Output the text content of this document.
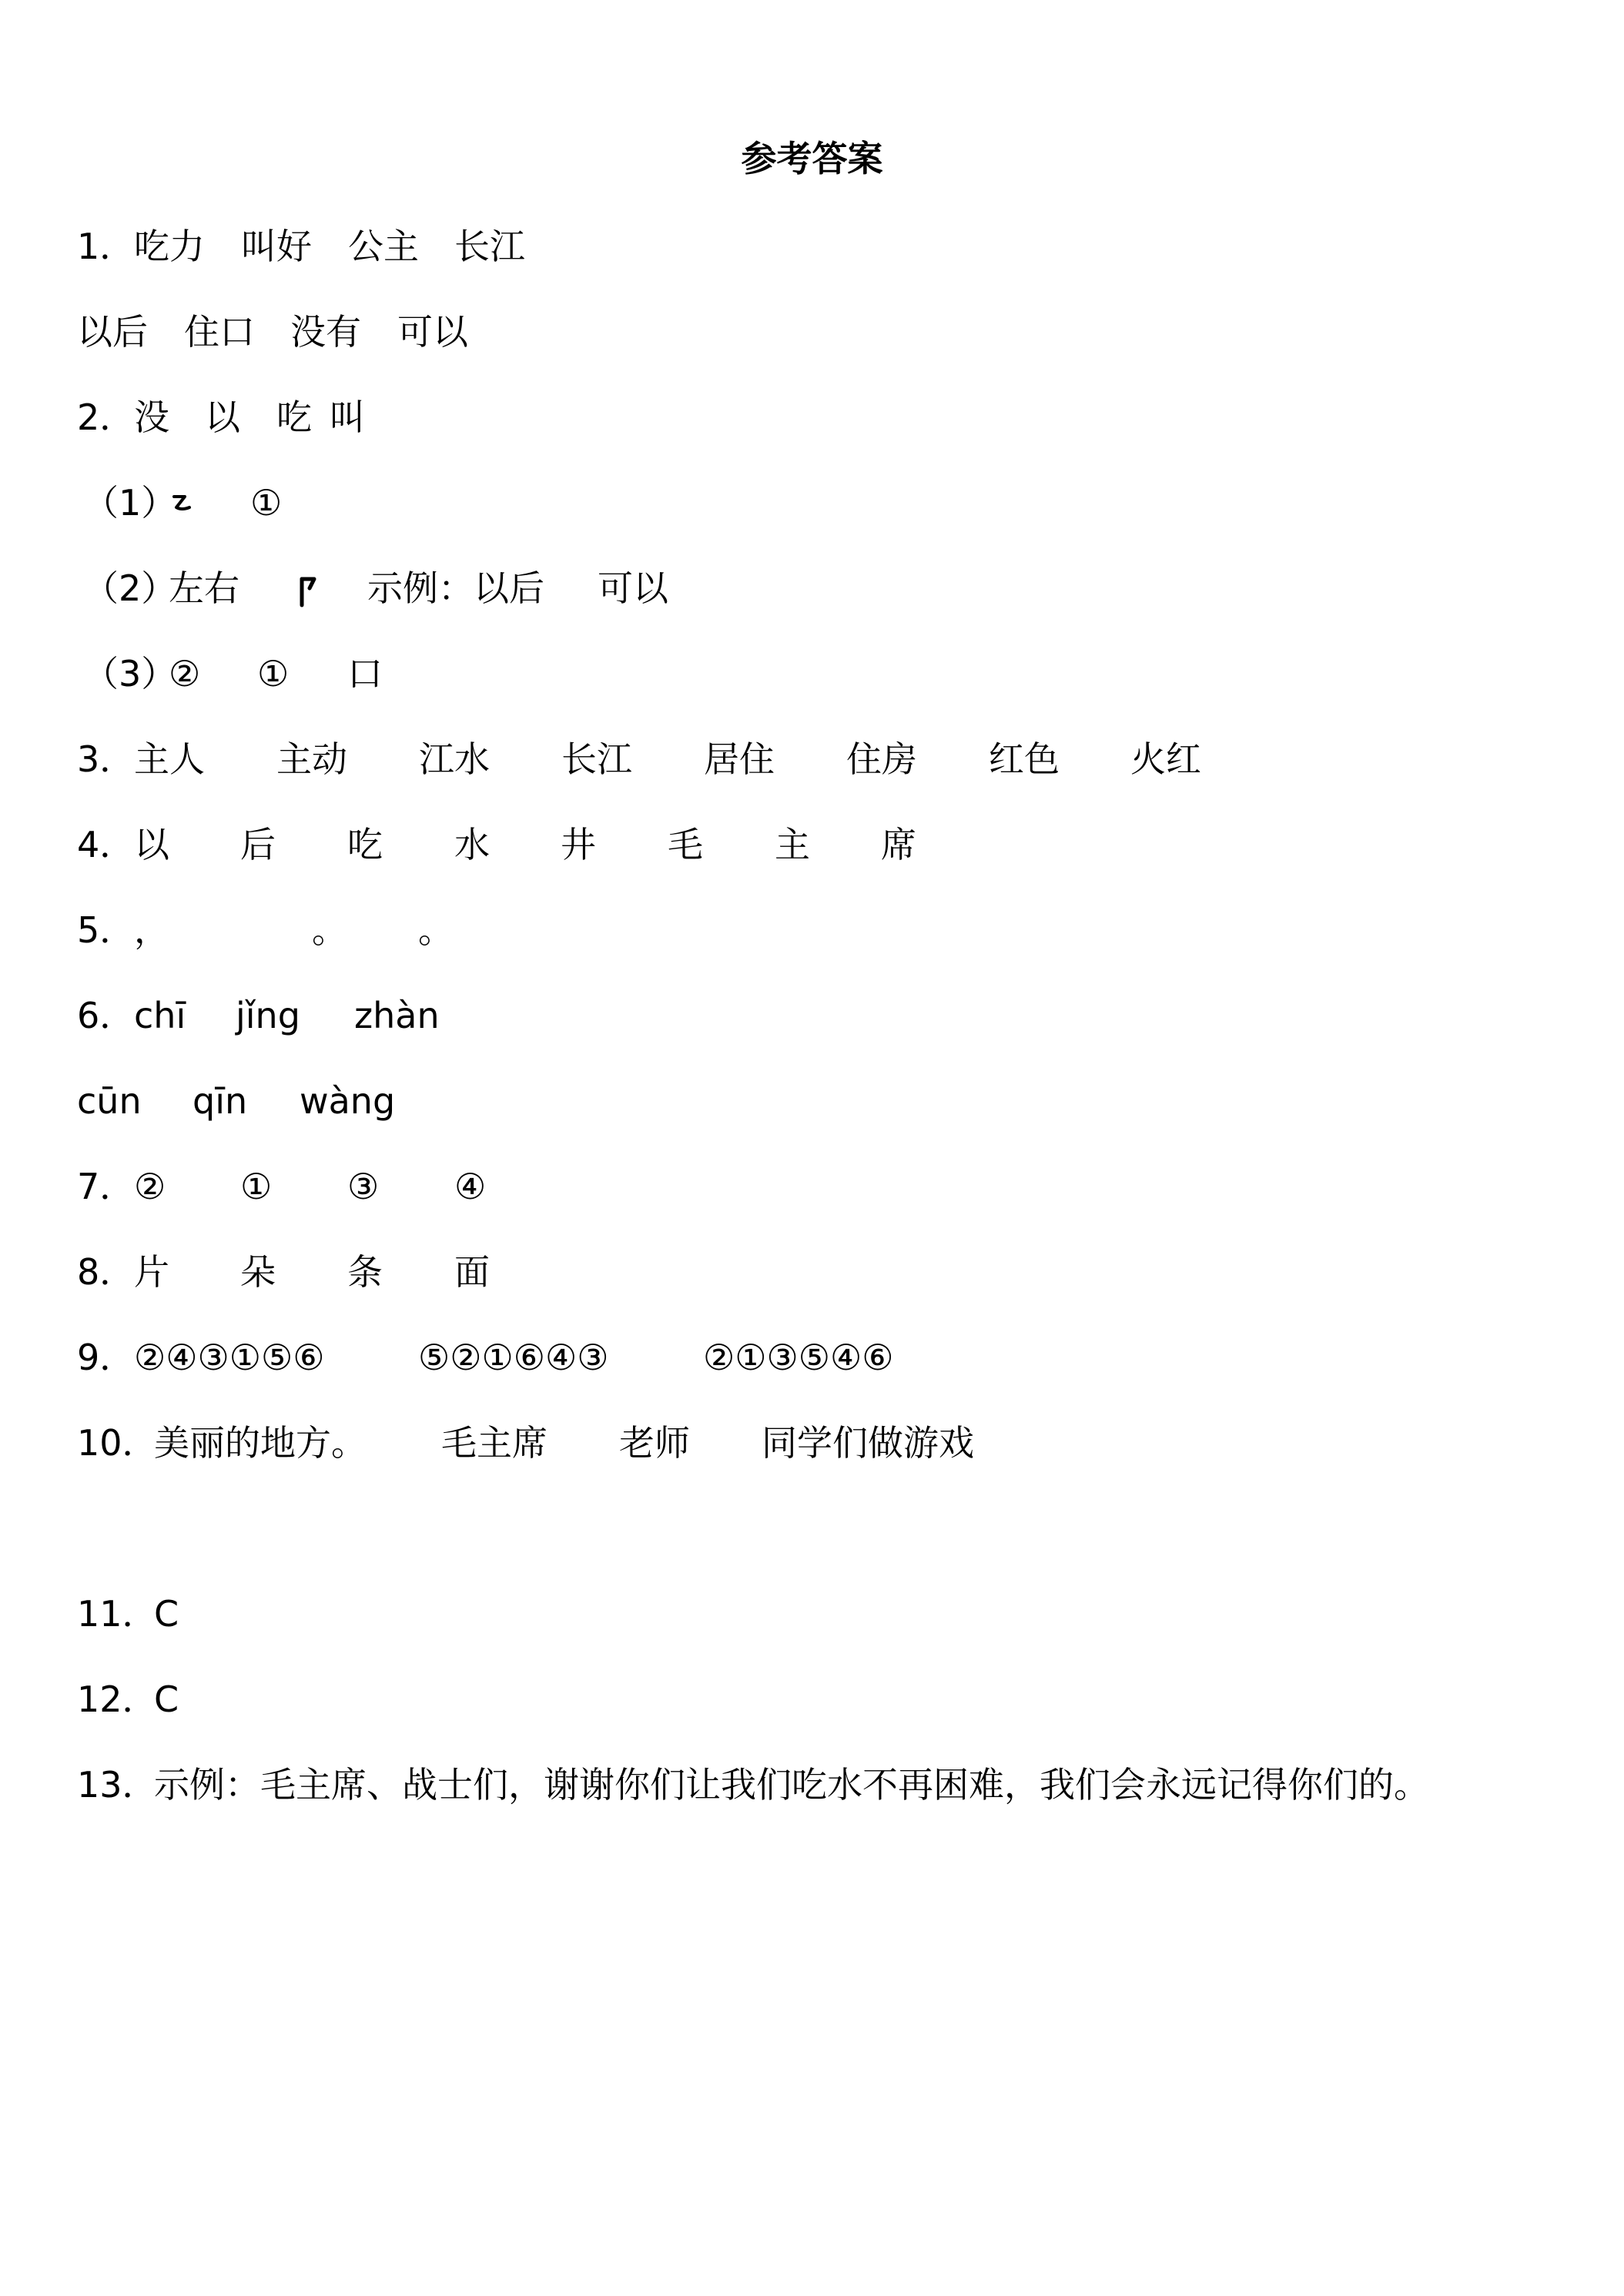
参考答案

1．

吃力

叫好

公主

长江

以后

住口

没有

可以

2．

没

以

吃

叫

（1）

①

（2）

左右

	示例：

以后

可以

（3）

②

①

口

3．

主人

主动

江水

长江

居住

住房

红色

火红

4．

以

后

吃

水

井

毛

主

席

5．

，

	。

。

6．

chī

jǐng

zhàn

cūn

qīn

wàng

7．

②

①

③

④

8．

片

朵

条

面

9．

②④③①⑤⑥

	⑤②①⑥④③

	②①③⑤④⑥

10．

美丽的地方。

毛主席

老师

同学们做游戏

11．

C

12．

C

13．

示例：毛主席、战士们，谢谢你们让我们吃水不再困难，我们会永远记得你们的。
